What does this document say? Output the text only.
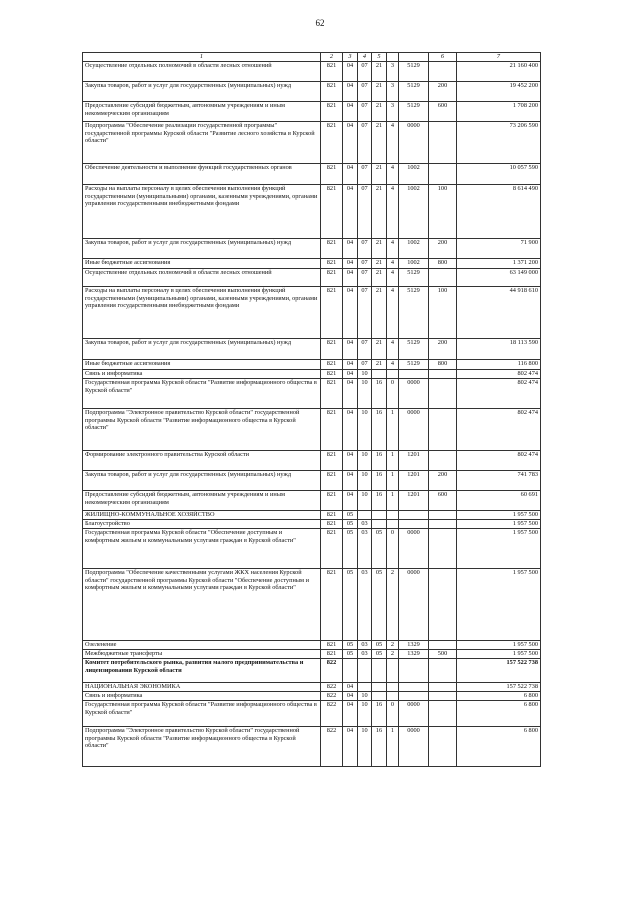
62
1	2	3	4	5			6	7
Осуществление отдельных полномочий в области лесных отношений	821	04	07	21	3	5129		21 160 400
Закупка товаров, работ и услуг для государственных (муниципальных) нужд	821	04	07	21	3	5129	200	19 452 200
Предоставление субсидий бюджетным, автономным учреждениям и иным некоммерческим организациям	821	04	07	21	3	5129	600	1 708 200
Подпрограмма "Обеспечение реализации государственной программы" государственной программы Курской области "Развитие лесного хозяйства в Курской области"	821	04	07	21	4	0000		73 206 590
Обеспечение деятельности и выполнение функций государственных органов	821	04	07	21	4	1002		10 057 590
Расходы на выплаты персоналу в целях обеспечения выполнения функций государственными (муниципальными) органами, казенными учреждениями, органами управления государственными внебюджетными фондами	821	04	07	21	4	1002	100	8 614 490
Закупка товаров, работ и услуг для государственных (муниципальных) нужд	821	04	07	21	4	1002	200	71 900
Иные бюджетные ассигнования	821	04	07	21	4	1002	800	1 371 200
Осуществление отдельных полномочий в области лесных отношений	821	04	07	21	4	5129		63 149 000
Расходы на выплаты персоналу в целях обеспечения выполнения функций государственными (муниципальными) органами, казенными учреждениями, органами управления государственными внебюджетными фондами	821	04	07	21	4	5129	100	44 918 610
Закупка товаров, работ и услуг для государственных (муниципальных) нужд	821	04	07	21	4	5129	200	18 113 590
Иные бюджетные ассигнования	821	04	07	21	4	5129	800	116 800
Связь и информатика	821	04	10					802 474
Государственная программа Курской области "Развитие информационного общества в Курской области"	821	04	10	16	0	0000		802 474
Подпрограмма "Электронное правительство Курской области" государственной программы Курской области "Развитие информационного общества в Курской области"	821	04	10	16	1	0000		802 474
Формирование электронного правительства Курской области	821	04	10	16	1	1201		802 474
Закупка товаров, работ и услуг для государственных (муниципальных) нужд	821	04	10	16	1	1201	200	741 783
Предоставление субсидий бюджетным, автономным учреждениям и иным некоммерческим организациям	821	04	10	16	1	1201	600	60 691
ЖИЛИЩНО-КОММУНАЛЬНОЕ ХОЗЯЙСТВО	821	05						1 957 500
Благоустройство	821	05	03					1 957 500
Государственная программа Курской области "Обеспечение доступным и комфортным жильем и коммунальными услугами граждан в Курской области"	821	05	03	05	0	0000		1 957 500
Подпрограмма "Обеспечение качественными услугами ЖКХ населения Курской области" государственной программы Курской области "Обеспечение доступным и комфортным жильем и коммунальными услугами граждан в Курской области"	821	05	03	05	2	0000		1 957 500
Озеленение	821	05	03	05	2	1329		1 957 500
Межбюджетные трансферты	821	05	03	05	2	1329	500	1 957 500
Комитет потребительского рынка, развития малого предпринимательства и лицензирования Курской области	822							157 522 738
НАЦИОНАЛЬНАЯ ЭКОНОМИКА	822	04						157 522 738
Связь и информатика	822	04	10					6 800
Государственная программа Курской области "Развитие информационного общества в Курской области"	822	04	10	16	0	0000		6 800
Подпрограмма "Электронное правительство Курской области" государственной программы Курской области "Развитие информационного общества в Курской области"	822	04	10	16	1	0000		6 800
